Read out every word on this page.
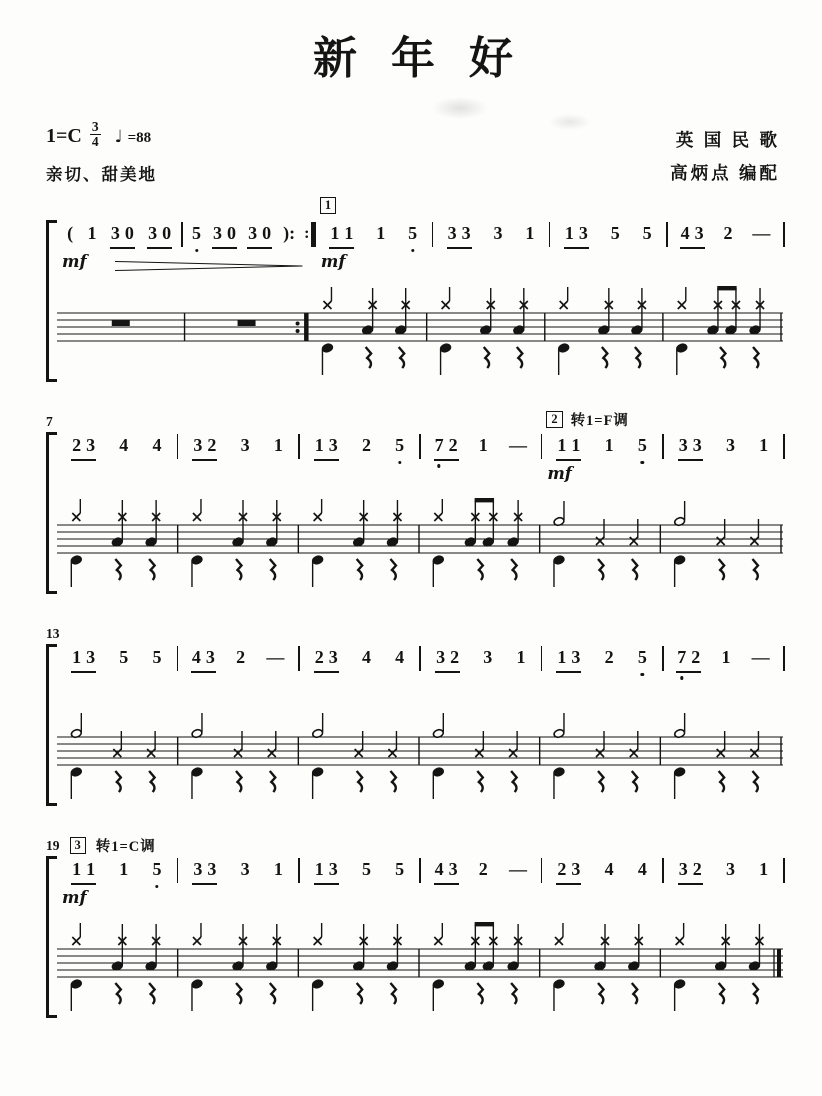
新年好
$1=C \frac{3}{4}$ ♩ =88
亲切、甜美地
英 国 民 歌
高炳点 编配
( 1 3 0 3 0
mf
5 3 0 3 0 ): :
1
1 1 1 5
mf
3 3 3 1 1 3 5 5 4 3 2 —
7
2 3 4 4 3 2 3 1 1 3 2 5 7 2 1 —
2 转1=F调
1 1 1 5
mf
3 3 3 1
13
1 3 5 5 4 3 2 — 2 3 4 4 3 2 3 1 1 3 2 5 7 2 1 —
19	3	转1=C调
1 1 1 5
mf
3 3 3 1 1 3 5 5 4 3 2 — 2 3 4 4 3 2 3 1
